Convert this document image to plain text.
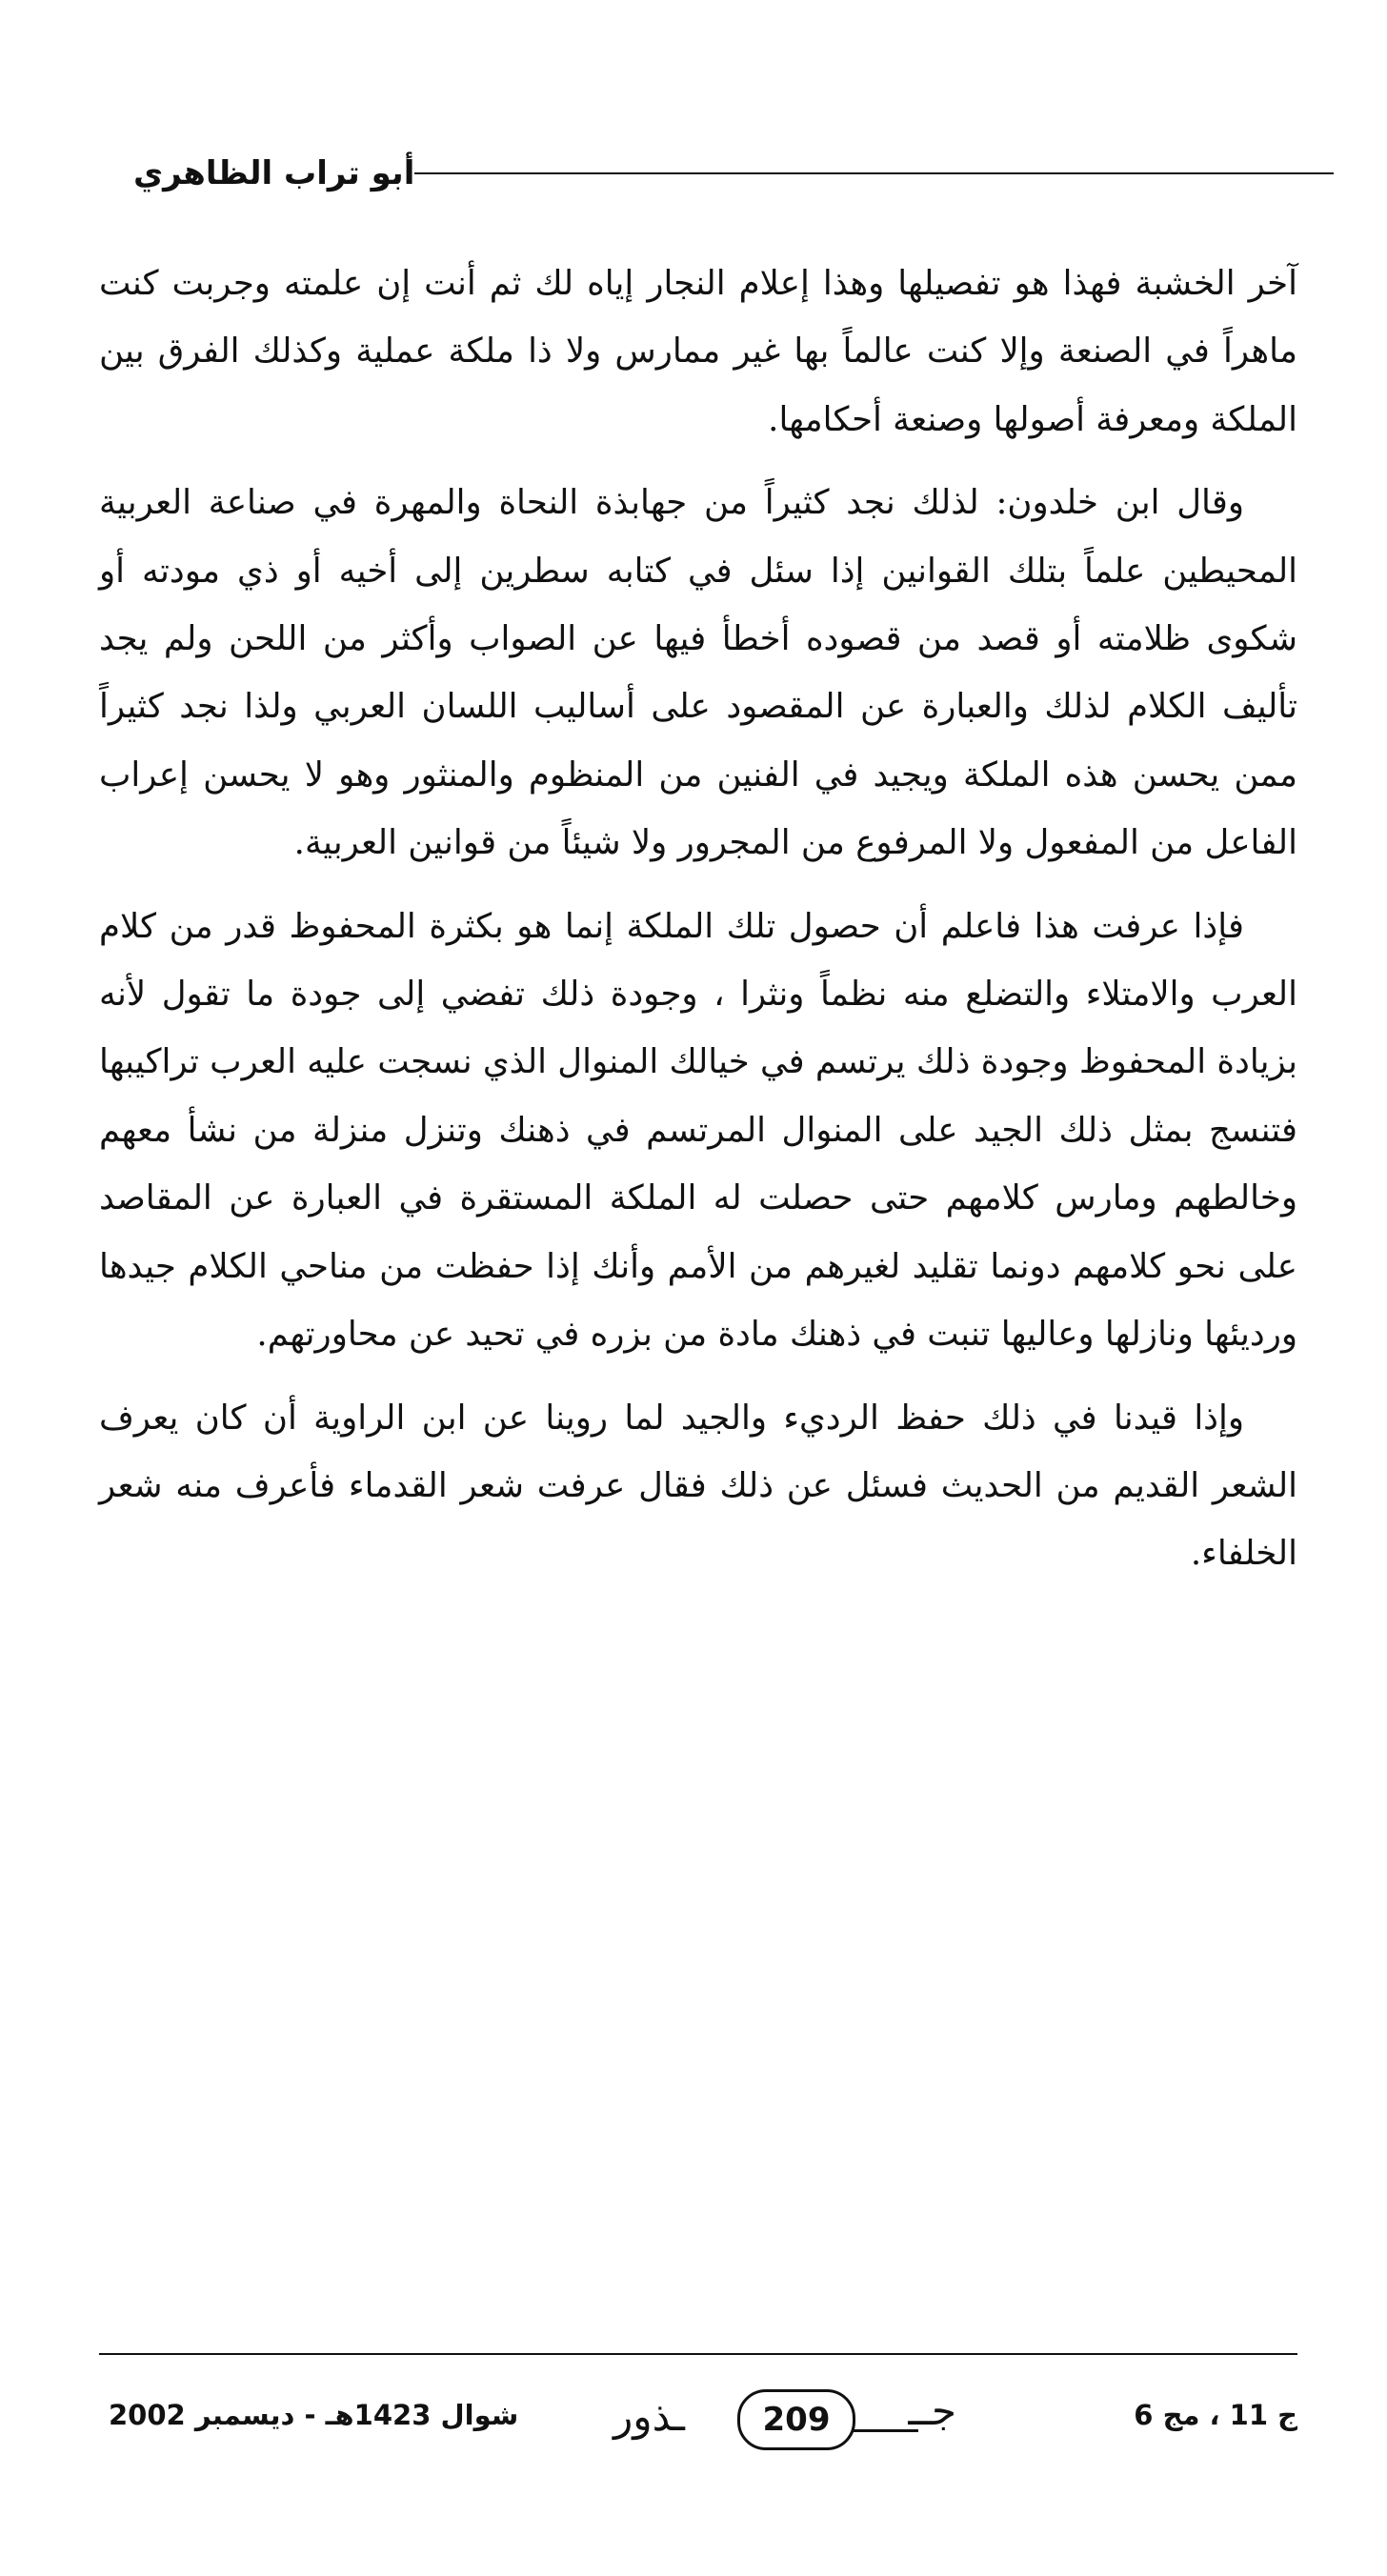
أبو تراب الظاهري

آخر الخشبة فهذا هو تفصيلها وهذا إعلام النجار إياه لك ثم أنت إن علمته وجربت كنت ماهراً في الصنعة وإلا كنت عالماً بها غير ممارس ولا ذا ملكة عملية وكذلك الفرق بين الملكة ومعرفة أصولها وصنعة أحكامها.

وقال ابن خلدون: لذلك نجد كثيراً من جهابذة النحاة والمهرة في صناعة العربية المحيطين علماً بتلك القوانين إذا سئل في كتابه سطرين إلى أخيه أو ذي مودته أو شكوى ظلامته أو قصد من قصوده أخطأ فيها عن الصواب وأكثر من اللحن ولم يجد تأليف الكلام لذلك والعبارة عن المقصود على أساليب اللسان العربي ولذا نجد كثيراً ممن يحسن هذه الملكة ويجيد في الفنين من المنظوم والمنثور وهو لا يحسن إعراب الفاعل من المفعول ولا المرفوع من المجرور ولا شيئاً من قوانين العربية.

فإذا عرفت هذا فاعلم أن حصول تلك الملكة إنما هو بكثرة المحفوظ قدر من كلام العرب والامتلاء والتضلع منه نظماً ونثرا ، وجودة ذلك تفضي إلى جودة ما تقول لأنه بزيادة المحفوظ وجودة ذلك يرتسم في خيالك المنوال الذي نسجت عليه العرب تراكيبها فتنسج بمثل ذلك الجيد على المنوال المرتسم في ذهنك وتنزل منزلة من نشأ معهم وخالطهم ومارس كلامهم حتى حصلت له الملكة المستقرة في العبارة عن المقاصد على نحو كلامهم دونما تقليد لغيرهم من الأمم وأنك إذا حفظت من مناحي الكلام جيدها ورديئها ونازلها وعاليها تنبت في ذهنك مادة من بزره في تحيد عن محاورتهم.

وإذا قيدنا في ذلك حفظ الرديء والجيد لما روينا عن ابن الراوية أن كان يعرف الشعر القديم من الحديث فسئل عن ذلك فقال عرفت شعر القدماء فأعرف منه شعر الخلفاء.

ج 11 ، مج 6
ـذور	209	جــ
شوال 1423هـ - ديسمبر 2002
